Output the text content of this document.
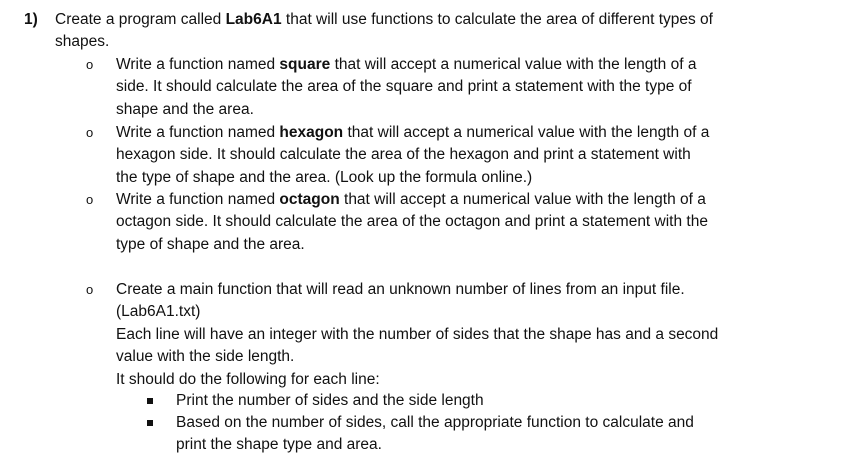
1) Create a program called Lab6A1 that will use functions to calculate the area of different types of
shapes.
o Write a function named square that will accept a numerical value with the length of a
side. It should calculate the area of the square and print a statement with the type of
shape and the area.
o Write a function named hexagon that will accept a numerical value with the length of a
hexagon side. It should calculate the area of the hexagon and print a statement with
the type of shape and the area. (Look up the formula online.)
o Write a function named octagon that will accept a numerical value with the length of a
octagon side. It should calculate the area of the octagon and print a statement with the
type of shape and the area.
o Create a main function that will read an unknown number of lines from an input file.
(Lab6A1.txt)
Each line will have an integer with the number of sides that the shape has and a second
value with the side length.
It should do the following for each line:
Print the number of sides and the side length
Based on the number of sides, call the appropriate function to calculate and
print the shape type and area.
